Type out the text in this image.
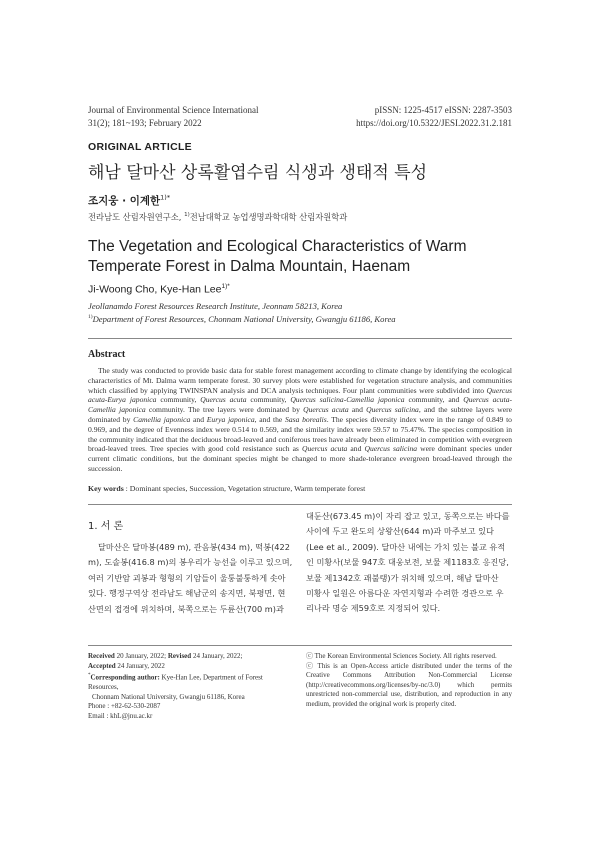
Journal of Environmental Science International
31(2); 181~193; February 2022
pISSN: 1225-4517 eISSN: 2287-3503
https://doi.org/10.5322/JESI.2022.31.2.181
ORIGINAL ARTICLE
해남 달마산 상록활엽수림 식생과 생태적 특성
조지웅 · 이계한$^{1)*}$
전라남도 산림자원연구소, $^{1)}$전남대학교 농업생명과학대학 산림자원학과
The Vegetation and Ecological Characteristics of Warm Temperate Forest in Dalma Mountain, Haenam
Ji-Woong Cho, Kye-Han Lee$^{1)*}$
Jeollanamdo Forest Resources Research Institute, Jeonnam 58213, Korea
$^{1)}$Department of Forest Resources, Chonnam National University, Gwangju 61186, Korea
Abstract
The study was conducted to provide basic data for stable forest management according to climate change by identifying the ecological characteristics of Mt. Dalma warm temperate forest. 30 survey plots were established for vegetation structure analysis, and communities which classified by applying TWINSPAN analysis and DCA analysis techniques. Four plant communities were subdivided into Quercus acuta-Eurya japonica community, Quercus acuta community, Quercus salicina-Camellia japonica community, and Quercus acuta-Camellia japonica community. The tree layers were dominated by Quercus acuta and Quercus salicina, and the subtree layers were dominated by Camellia japonica and Eurya japonica, and the Sasa borealis. The species diversity index were in the range of 0.849 to 0.969, and the degree of Evenness index were 0.514 to 0.569, and the similarity index were 59.57 to 75.47%. The species composition in the community indicated that the deciduous broad-leaved and coniferous trees have already been eliminated in competition with evergreen broad-leaved trees. Tree species with good cold resistance such as Quercus acuta and Quercus salicina were dominant species under current climatic conditions, but the dominant species might be changed to more shade-tolerance evergreen broad-leaved through the succession.
Key words : Dominant species, Succession, Vegetation structure, Warm temperate forest
1. 서 론
달마산은 달마봉(489 m), 관음봉(434 m), 떡봉(422
m), 도솔봉(416.8 m)의 봉우리가 능선을 이루고 있으며,
여러 기반암 괴봉과 형형의 기암들이 울퉁불퉁하게 솟아
있다. 행정구역상 전라남도 해남군의 송지면, 북평면, 현
산면의 접경에 위치하며, 북쪽으로는 두륜산(700 m)과
대둔산(673.45 m)이 자리 잡고 있고, 동쪽으로는 바다를
사이에 두고 완도의 상왕산(644 m)과 마주보고 있다
(Lee et al., 2009). 달마산 내에는 가치 있는 불교 유적
인 미황사(보물 947호 대웅보전, 보물 제1183호 응진당,
보물 제1342호 괘불탱)가 위치해 있으며, 해남 달마산
미황사 일원은 아름다운 자연지형과 수려한 경관으로 우
리나라 명승 제59호로 지정되어 있다.
Received 20 January, 2022; Revised 24 January, 2022;
Accepted 24 January, 2022
*Corresponding author: Kye-Han Lee, Department of Forest Resources,
Chonnam National University, Gwangju 61186, Korea
Phone : +82-62-530-2087
Email : khL@jnu.ac.kr
ⓒ The Korean Environmental Sciences Society. All rights reserved.
ⓒ This is an Open-Access article distributed under the terms of the Creative Commons Attribution Non-Commercial License (http://creativecommons.org/licenses/by-nc/3.0) which permits unrestricted non-commercial use, distribution, and reproduction in any medium, provided the original work is properly cited.
